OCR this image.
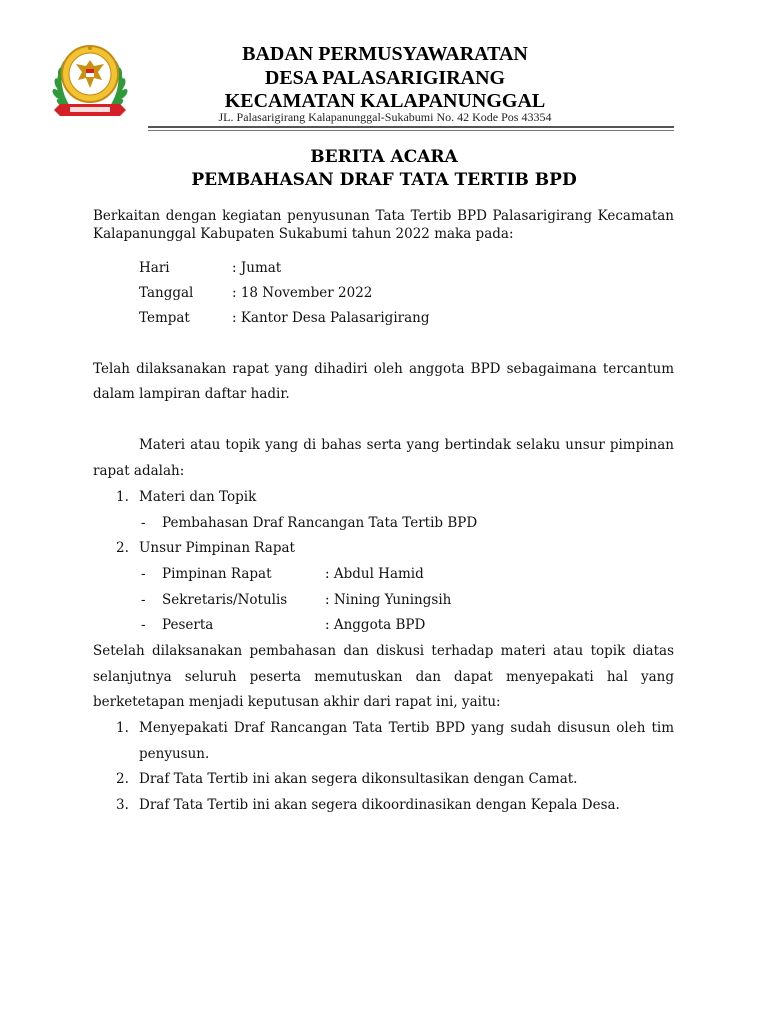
BADAN PERMUSYAWARATAN
DESA PALASARIGIRANG
KECAMATAN KALAPANUNGGAL
JL. Palasarigirang Kalapanunggal-Sukabumi No. 42 Kode Pos 43354
BERITA ACARA
PEMBAHASAN DRAF TATA TERTIB BPD
Berkaitan dengan kegiatan penyusunan Tata Tertib BPD Palasarigirang Kecamatan
Kalapanunggal Kabupaten Sukabumi tahun 2022 maka pada:
Hari	: Jumat
Tanggal	: 18 November 2022
Tempat	: Kantor Desa Palasarigirang
Telah dilaksanakan rapat yang dihadiri oleh anggota BPD sebagaimana tercantum
dalam lampiran daftar hadir.
Materi atau topik yang di bahas serta yang bertindak selaku unsur pimpinan
rapat adalah:
1. Materi dan Topik
- Pembahasan Draf Rancangan Tata Tertib BPD
2. Unsur Pimpinan Rapat
- Pimpinan Rapat	: Abdul Hamid
- Sekretaris/Notulis	: Nining Yuningsih
- Peserta	: Anggota BPD
Setelah dilaksanakan pembahasan dan diskusi terhadap materi atau topik diatas
selanjutnya seluruh peserta memutuskan dan dapat menyepakati hal yang
berketetapan menjadi keputusan akhir dari rapat ini, yaitu:
1. Menyepakati Draf Rancangan Tata Tertib BPD yang sudah disusun oleh tim
penyusun.
2. Draf Tata Tertib ini akan segera dikonsultasikan dengan Camat.
3. Draf Tata Tertib ini akan segera dikoordinasikan dengan Kepala Desa.
